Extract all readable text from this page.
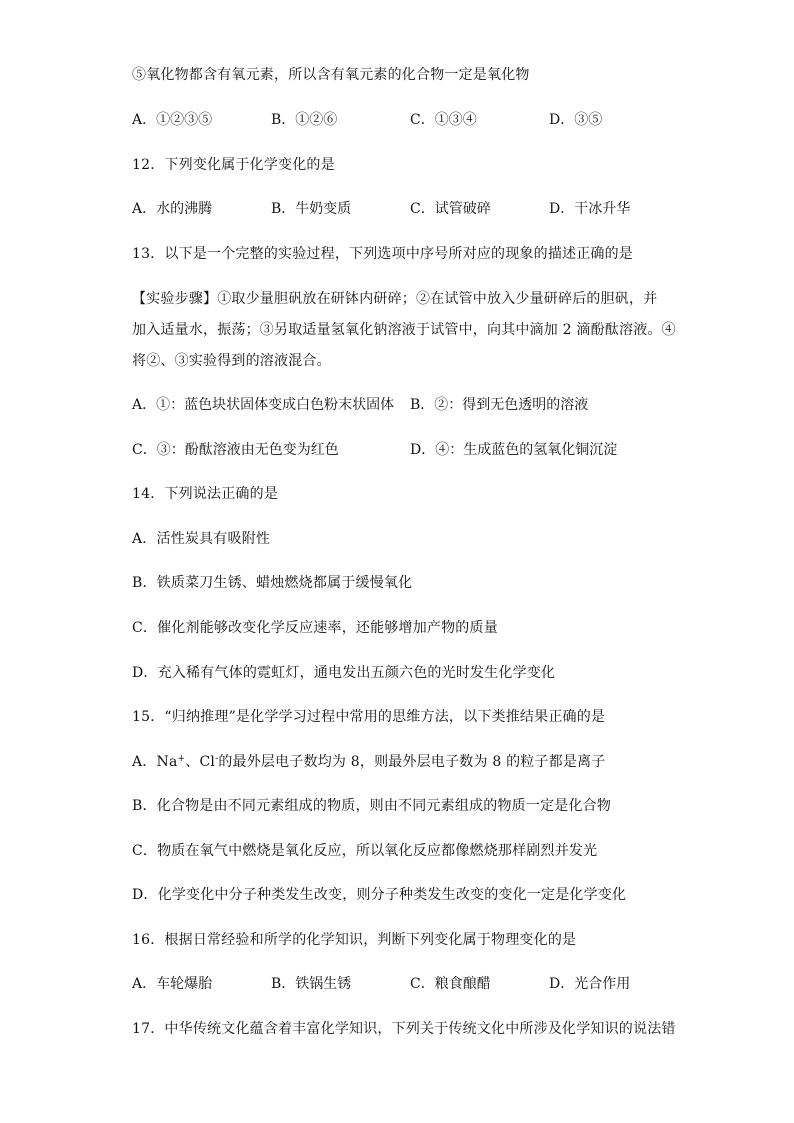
⑤氧化物都含有氧元素，所以含有氧元素的化合物一定是氧化物
A．①②③⑤	B．①②⑥	C．①③④	D．③⑤
12．下列变化属于化学变化的是
A．水的沸腾	B．牛奶变质	C．试管破碎	D．干冰升华
13．以下是一个完整的实验过程，下列选项中序号所对应的现象的描述正确的是
【实验步骤】①取少量胆矾放在研钵内研碎；②在试管中放入少量研碎后的胆矾，并
加入适量水，振荡；③另取适量氢氧化钠溶液于试管中，向其中滴加 2 滴酚酞溶液。④
将②、③实验得到的溶液混合。
A．①：蓝色块状固体变成白色粉末状固体 B．②：得到无色透明的溶液
C．③：酚酞溶液由无色变为红色	D．④：生成蓝色的氢氧化铜沉淀
14．下列说法正确的是
A．活性炭具有吸附性
B．铁质菜刀生锈、蜡烛燃烧都属于缓慢氧化
C．催化剂能够改变化学反应速率，还能够增加产物的质量
D．充入稀有气体的霓虹灯，通电发出五颜六色的光时发生化学变化
15．“归纳推理”是化学学习过程中常用的思维方法，以下类推结果正确的是
A．Na+、Cl-的最外层电子数均为 8，则最外层电子数为 8 的粒子都是离子
B．化合物是由不同元素组成的物质，则由不同元素组成的物质一定是化合物
C．物质在氧气中燃烧是氧化反应，所以氧化反应都像燃烧那样剧烈并发光
D．化学变化中分子种类发生改变，则分子种类发生改变的变化一定是化学变化
16．根据日常经验和所学的化学知识，判断下列变化属于物理变化的是
A．车轮爆胎	B．铁锅生锈	C．粮食酿醋	D．光合作用
17．中华传统文化蕴含着丰富化学知识，下列关于传统文化中所涉及化学知识的说法错
